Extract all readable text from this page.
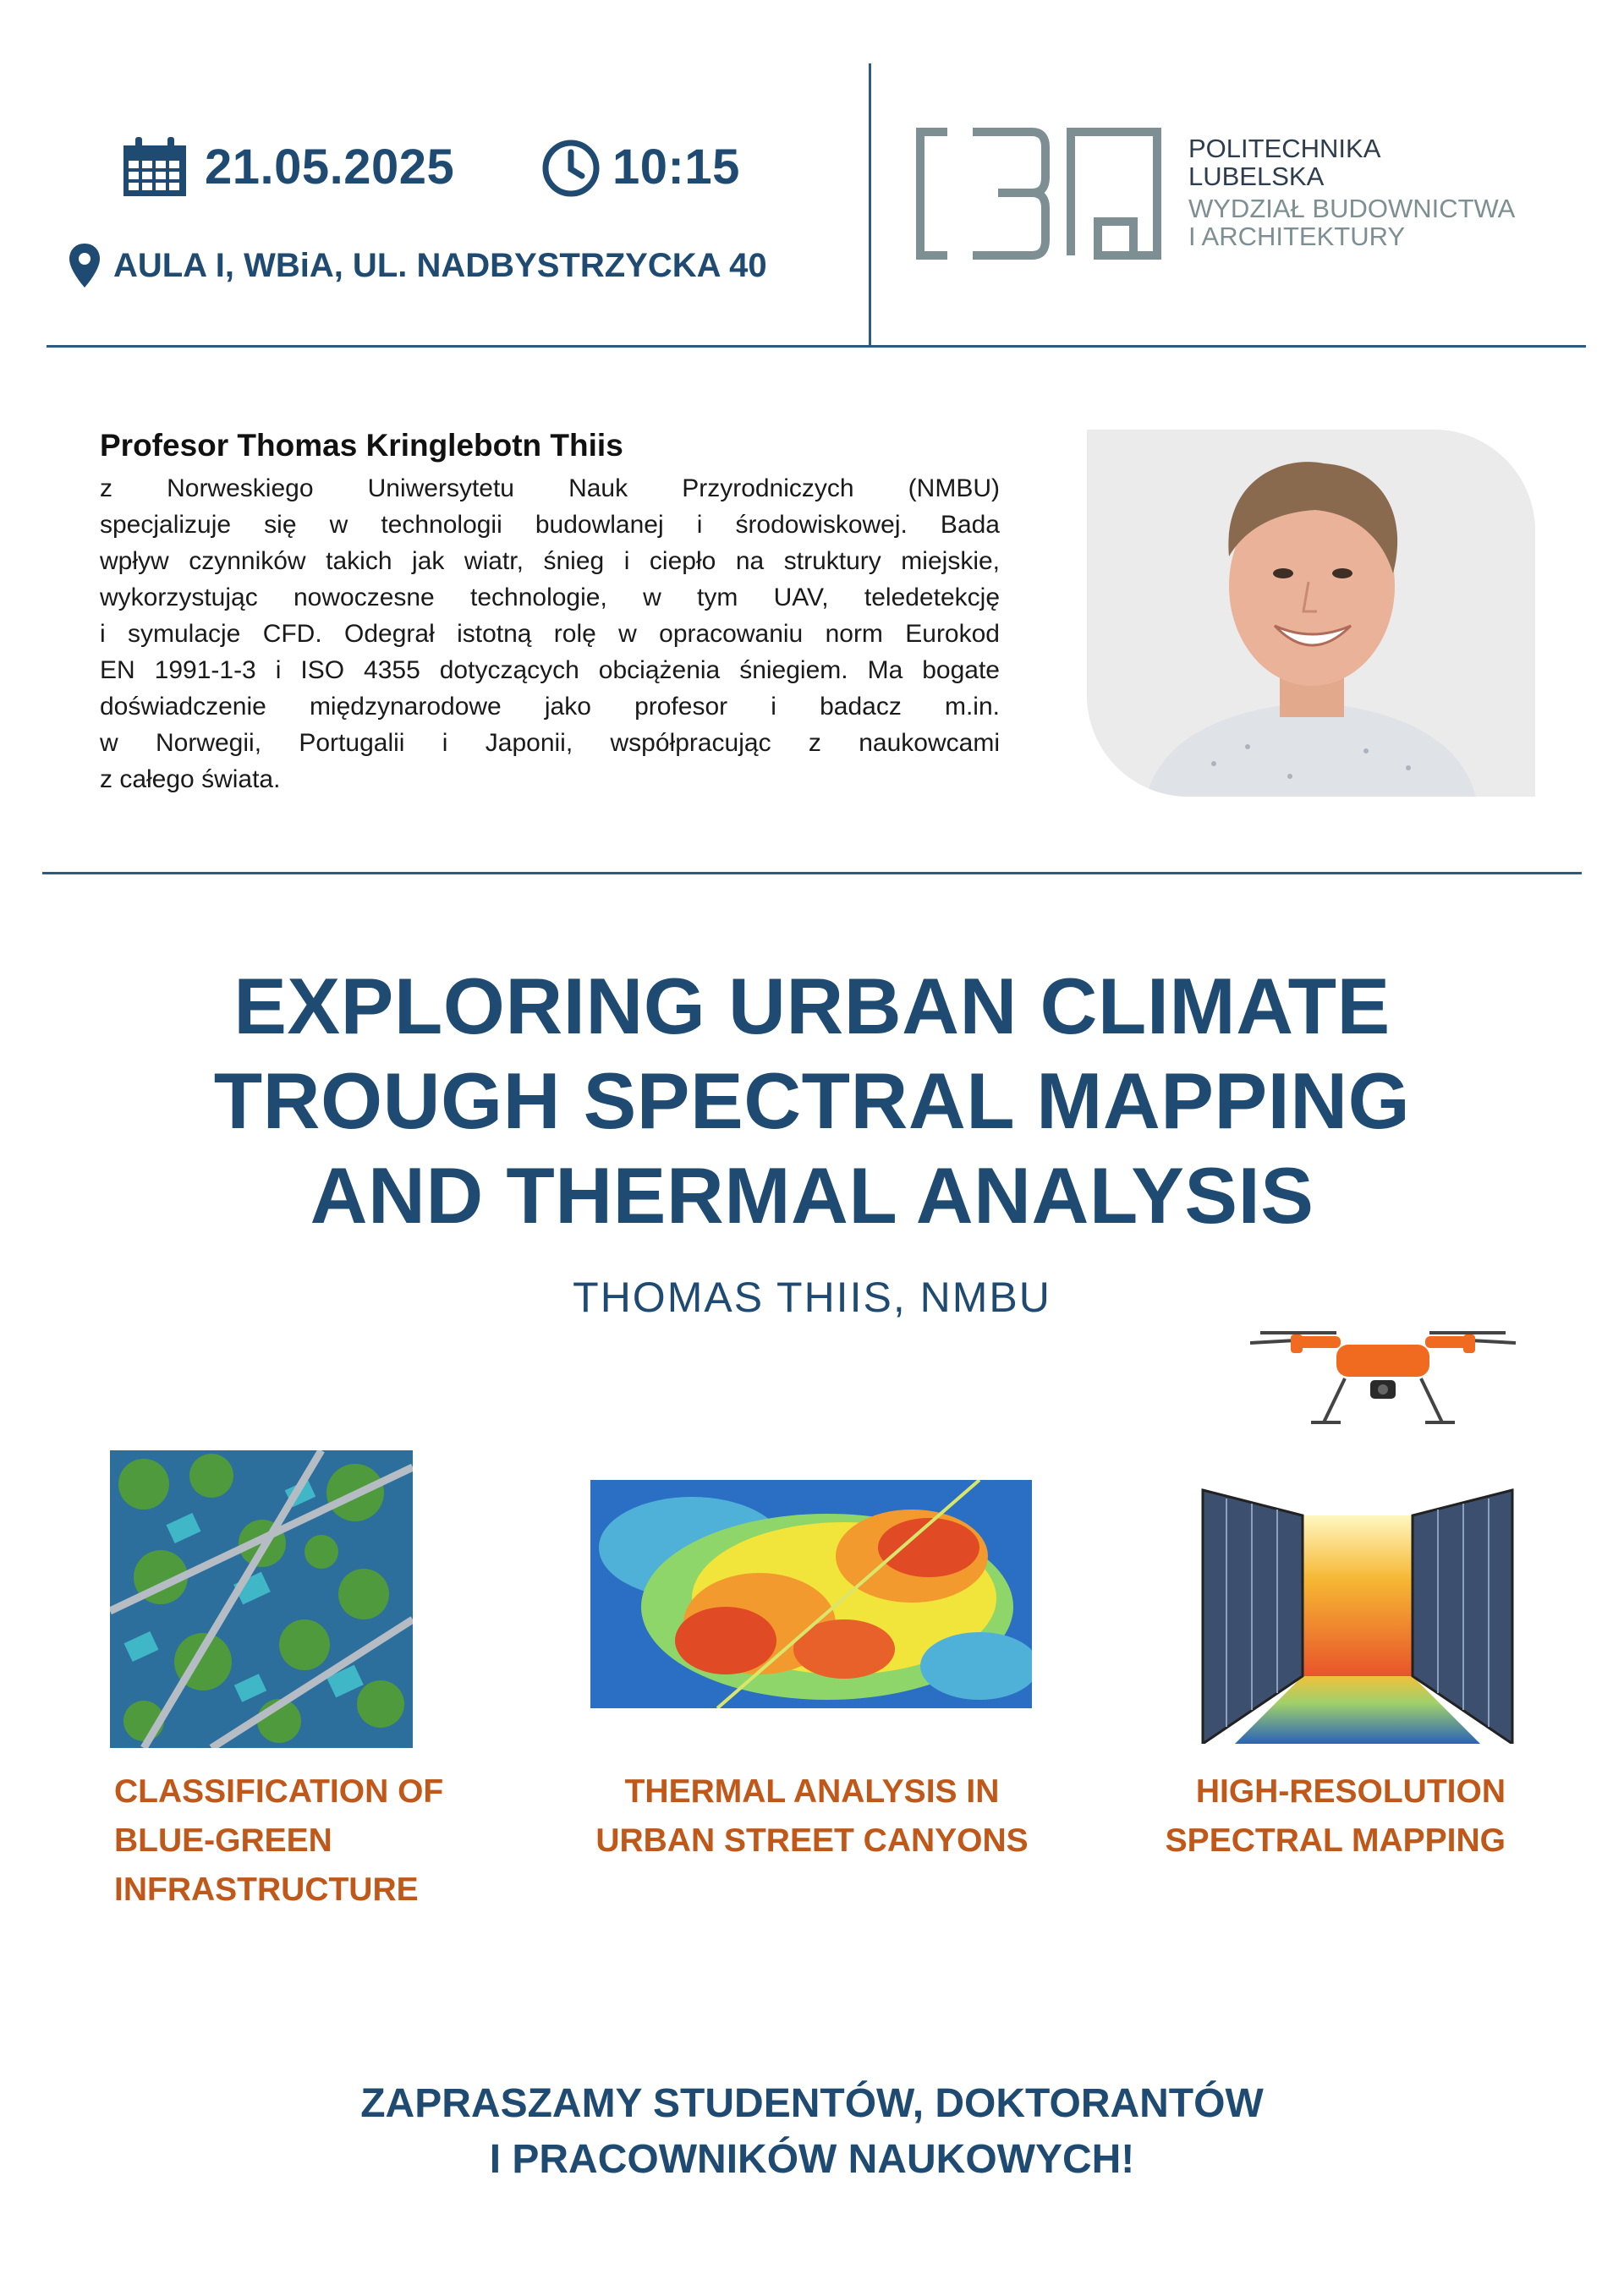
21.05.2025	10:15
AULA I, WBiA, UL. NADBYSTRZYCKA 40
POLITECHNIKA
LUBELSKA
WYDZIAŁ BUDOWNICTWA
I ARCHITEKTURY
Profesor Thomas Kringlebotn Thiis
z Norweskiego Uniwersytetu Nauk Przyrodniczych (NMBU)
specjalizuje się w technologii budowlanej i środowiskowej. Bada
wpływ czynników takich jak wiatr, śnieg i ciepło na struktury miejskie,
wykorzystując nowoczesne technologie, w tym UAV, teledetekcję
i symulacje CFD. Odegrał istotną rolę w opracowaniu norm Eurokod
EN 1991-1-3 i ISO 4355 dotyczących obciążenia śniegiem. Ma bogate
doświadczenie międzynarodowe jako profesor i badacz m.in.
w Norwegii, Portugalii i Japonii, współpracując z naukowcami
z całego świata.
EXPLORING URBAN CLIMATE
TROUGH SPECTRAL MAPPING
AND THERMAL ANALYSIS
THOMAS THIIS, NMBU
CLASSIFICATION OF
BLUE-GREEN
INFRASTRUCTURE
THERMAL ANALYSIS IN
URBAN STREET CANYONS
HIGH-RESOLUTION
SPECTRAL MAPPING
ZAPRASZAMY STUDENTÓW, DOKTORANTÓW
I PRACOWNIKÓW NAUKOWYCH!
